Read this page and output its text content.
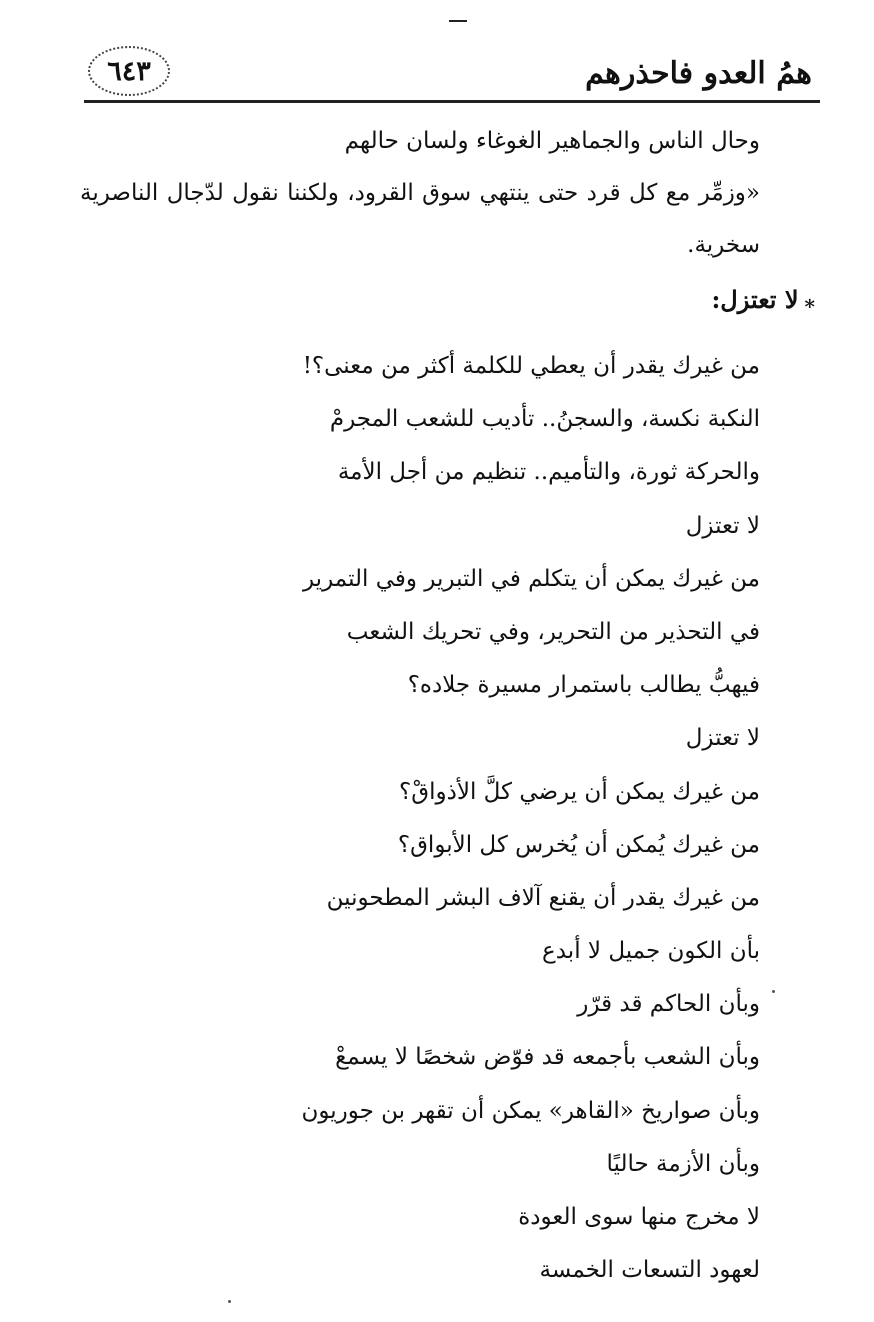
همُ العدو فاحذرهم
٦٤٣

وحال الناس والجماهير الغوغاء ولسان حالهم

«وزمِّر مع كل قرد حتى ينتهي سوق القرود، ولكننا نقول لدّجال الناصرية سخرية.

⁎لا تعتزل:
من غيرك يقدر أن يعطي للكلمة أكثر من معنى؟!
النكبة نكسة، والسجنُ.. تأديب للشعب المجرمْ
والحركة ثورة، والتأميم.. تنظيم من أجل الأمة
لا تعتزل
من غيرك يمكن أن يتكلم في التبرير وفي التمرير
في التحذير من التحرير، وفي تحريك الشعب
فيهبُّ يطالب باستمرار مسيرة جلاده؟
لا تعتزل
من غيرك يمكن أن يرضي كلَّ الأذواقْ؟
من غيرك يُمكن أن يُخرس كل الأبواق؟
من غيرك يقدر أن يقنع آلاف البشر المطحونين
بأن الكون جميل لا أبدع
وبأن الحاكم قد قرّر
وبأن الشعب بأجمعه قد فوّض شخصًا لا يسمعْ
وبأن صواريخ «القاهر» يمكن أن تقهر بن جوريون
وبأن الأزمة حاليًا
لا مخرج منها سوى العودة
لعهود التسعات الخمسة
